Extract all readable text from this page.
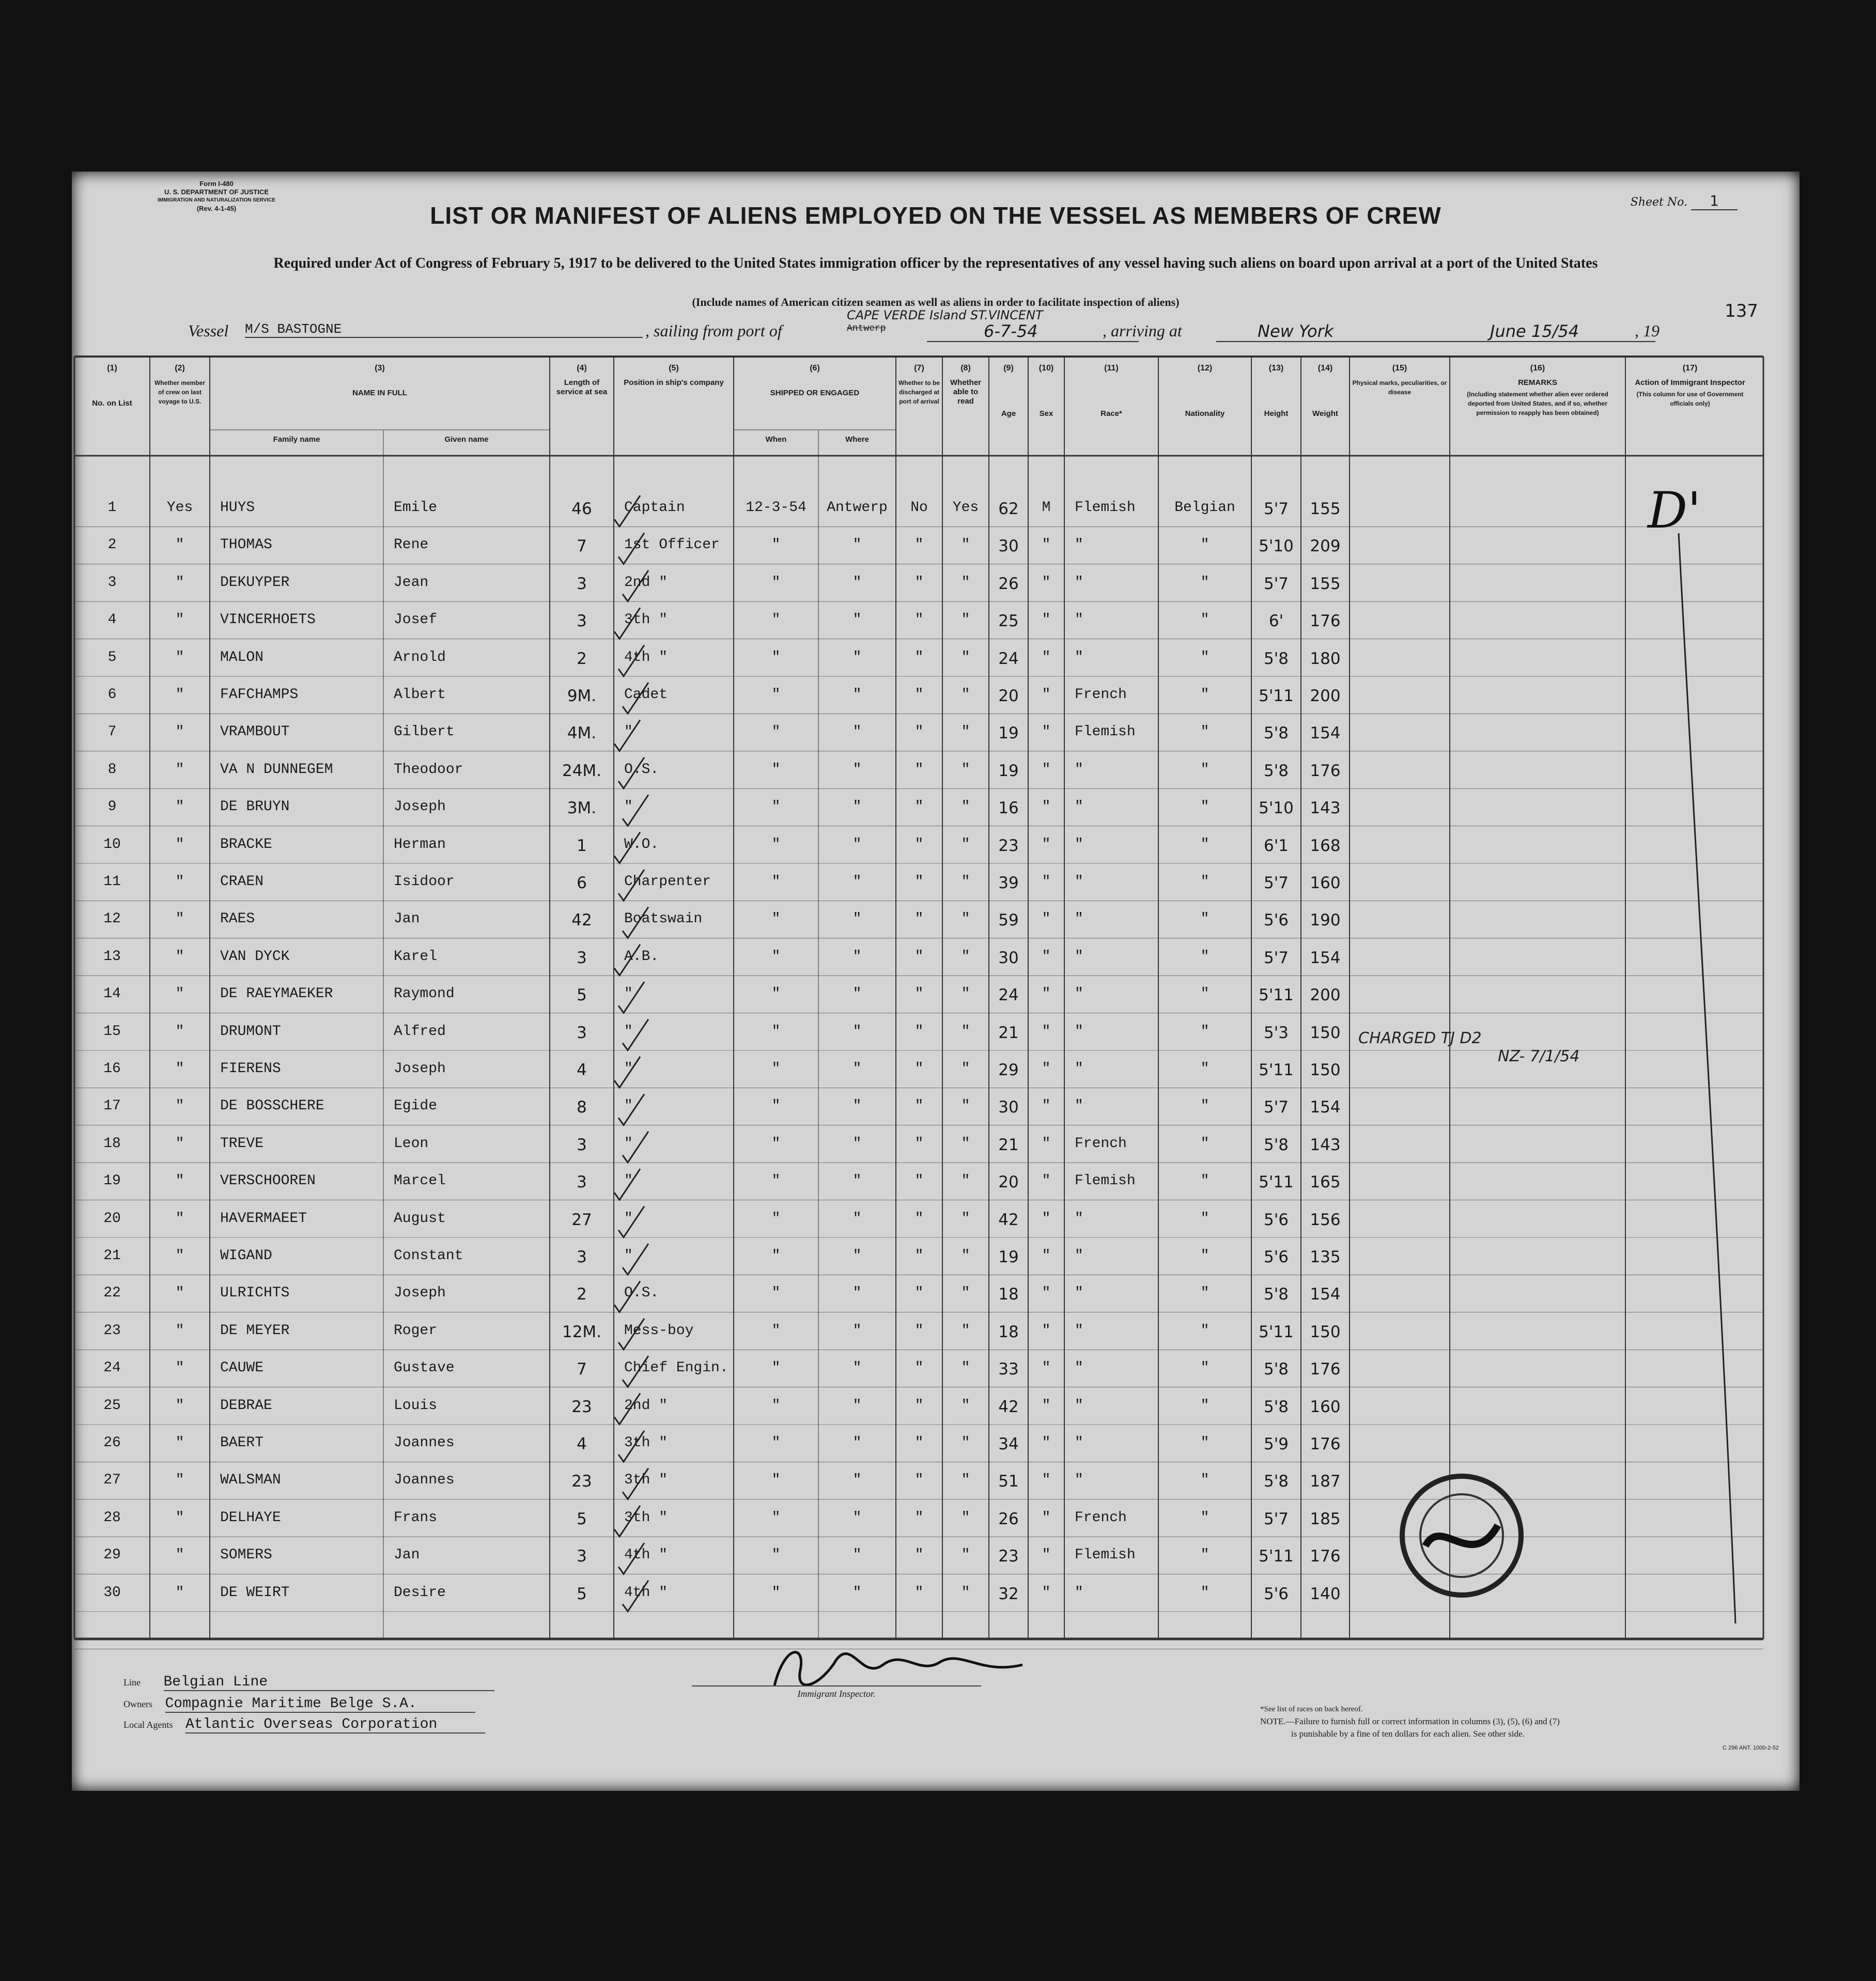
Form I-480
U. S. DEPARTMENT OF JUSTICE
IMMIGRATION AND NATURALIZATION SERVICE
(Rev. 4-1-45)	Sheet No. 1
LIST OR MANIFEST OF ALIENS EMPLOYED ON THE VESSEL AS MEMBERS OF CREW
Required under Act of Congress of February 5, 1917 to be delivered to the United States immigration officer by the representatives of any vessel having such aliens on board upon arrival at a port of the United States
(Include names of American citizen seamen as well as aliens in order to facilitate inspection of aliens)	137
Vessel M/S BASTOGNE	, sailing from port of
CAPE VERDE Island ST.VINCENT
Antwerp	6-7-54	, arriving at	New York	June 15/54	, 19
(1)
No. on List
(2)
Whether member of crew on last voyage to U.S.
(3)
NAME IN FULL
(4)
Length of service at sea
(5)
Position in ship's company
(6)
SHIPPED OR ENGAGED
(7)
Whether to be discharged at port of arrival
(8)
Whether able to read
(9)
Age
(10)
Sex
(11)
Race*
(12)
Nationality
(13)
Height
(14)
Weight
(15)
Physical marks, peculiarities, or disease
(16)
REMARKS
(Including statement whether alien ever ordered deported from United States, and if so, whether permission to reapply has been obtained)
(17)
Action of Immigrant Inspector
(This column for use of Government officials only)
Family name	Given name	When	Where
1	Yes	HUYS	Emile	46	Captain	12-3-54	Antwerp	No	Yes	62	M	Flemish	Belgian	5'7	155
2	"	THOMAS	Rene	7	1st Officer	"	"	"	"	30	"	"	"	5'10	209
3	"	DEKUYPER	Jean	3	2nd "	"	"	"	"	26	"	"	"	5'7	155
4	"	VINCERHOETS	Josef	3	3th "	"	"	"	"	25	"	"	"	6'	176
5	"	MALON	Arnold	2	4th "	"	"	"	"	24	"	"	"	5'8	180
6	"	FAFCHAMPS	Albert	9M.	Cadet	"	"	"	"	20	"	French	"	5'11	200
7	"	VRAMBOUT	Gilbert	4M.	"	"	"	"	"	19	"	Flemish	"	5'8	154
8	"	VA N DUNNEGEM	Theodoor	24M.	O.S.	"	"	"	"	19	"	"	"	5'8	176
9	"	DE BRUYN	Joseph	3M.	"	"	"	"	"	16	"	"	"	5'10	143
10	"	BRACKE	Herman	1	W.O.	"	"	"	"	23	"	"	"	6'1	168
11	"	CRAEN	Isidoor	6	Charpenter	"	"	"	"	39	"	"	"	5'7	160
12	"	RAES	Jan	42	Boatswain	"	"	"	"	59	"	"	"	5'6	190
13	"	VAN DYCK	Karel	3	A.B.	"	"	"	"	30	"	"	"	5'7	154
14	"	DE RAEYMAEKER	Raymond	5	"	"	"	"	"	24	"	"	"	5'11	200
15	"	DRUMONT	Alfred	3	"	"	"	"	"	21	"	"	"	5'3	150
16	"	FIERENS	Joseph	4	"	"	"	"	"	29	"	"	"	5'11	150
17	"	DE BOSSCHERE	Egide	8	"	"	"	"	"	30	"	"	"	5'7	154
18	"	TREVE	Leon	3	"	"	"	"	"	21	"	French	"	5'8	143
19	"	VERSCHOOREN	Marcel	3	"	"	"	"	"	20	"	Flemish	"	5'11	165
20	"	HAVERMAEET	August	27	"	"	"	"	"	42	"	"	"	5'6	156
21	"	WIGAND	Constant	3	"	"	"	"	"	19	"	"	"	5'6	135
22	"	ULRICHTS	Joseph	2	O.S.	"	"	"	"	18	"	"	"	5'8	154
23	"	DE MEYER	Roger	12M.	Mess-boy	"	"	"	"	18	"	"	"	5'11	150
24	"	CAUWE	Gustave	7	Chief Engin.	"	"	"	"	33	"	"	"	5'8	176
25	"	DEBRAE	Louis	23	2nd "	"	"	"	"	42	"	"	"	5'8	160
26	"	BAERT	Joannes	4	3th "	"	"	"	"	34	"	"	"	5'9	176
27	"	WALSMAN	Joannes	23	3th "	"	"	"	"	51	"	"	"	5'8	187
28	"	DELHAYE	Frans	5	3th "	"	"	"	"	26	"	French	"	5'7	185
29	"	SOMERS	Jan	3	4th "	"	"	"	"	23	"	Flemish	"	5'11	176
30	"	DE WEIRT	Desire	5	4th "	"	"	"	"	32	"	"	"	5'6	140
CHARGED TJ D2
NZ- 7/1/54
D'
Line Belgian Line
Owners Compagnie Maritime Belge S.A.
Local Agents Atlantic Overseas Corporation
Immigrant Inspector.
*See list of races on back hereof.
NOTE.—Failure to furnish full or correct information in columns (3), (5), (6) and (7)
is punishable by a fine of ten dollars for each alien. See other side.
C 296 ANT. 1000-2-52
